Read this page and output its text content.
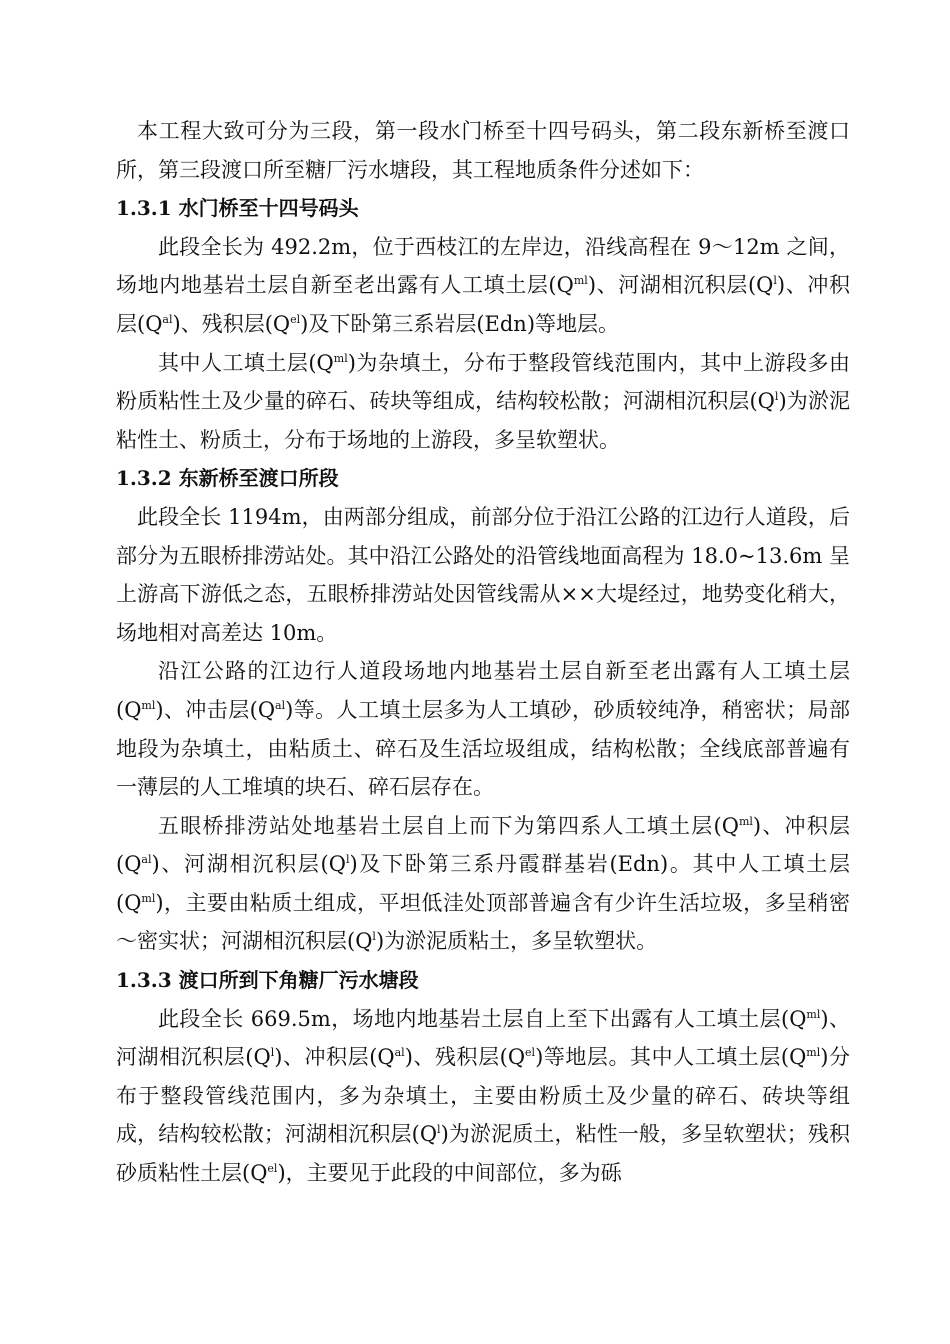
本工程大致可分为三段，第一段水门桥至十四号码头，第二段东新桥至渡口所，第三段渡口所至糖厂污水塘段，其工程地质条件分述如下：

1.3.1 水门桥至十四号码头

此段全长为 492.2m，位于西枝江的左岸边，沿线高程在 9～12m 之间，场地内地基岩土层自新至老出露有人工填土层$(Q^{ml})$、河湖相沉积层$(Q^l)$、冲积层$(Q^{al})$、残积层$(Q^{el})$及下卧第三系岩层(Edn)等地层。

其中人工填土层$(Q^{ml})$为杂填土，分布于整段管线范围内，其中上游段多由粉质粘性土及少量的碎石、砖块等组成，结构较松散；河湖相沉积层$(Q^l)$为淤泥粘性土、粉质土，分布于场地的上游段，多呈软塑状。

1.3.2 东新桥至渡口所段

此段全长 1194m，由两部分组成，前部分位于沿江公路的江边行人道段，后部分为五眼桥排涝站处。其中沿江公路处的沿管线地面高程为 18.0~13.6m 呈上游高下游低之态，五眼桥排涝站处因管线需从××大堤经过，地势变化稍大，场地相对高差达 10m。

沿江公路的江边行人道段场地内地基岩土层自新至老出露有人工填土层$(Q^{ml})$、冲击层$(Q^{al})$等。人工填土层多为人工填砂，砂质较纯净，稍密状；局部地段为杂填土，由粘质土、碎石及生活垃圾组成，结构松散；全线底部普遍有一薄层的人工堆填的块石、碎石层存在。

五眼桥排涝站处地基岩土层自上而下为第四系人工填土层$(Q^{ml})$、冲积层$(Q^{al})$、河湖相沉积层$(Q^l)$及下卧第三系丹霞群基岩(Edn)。其中人工填土层$(Q^{ml})$，主要由粘质土组成，平坦低洼处顶部普遍含有少许生活垃圾，多呈稍密～密实状；河湖相沉积层$(Q^l)$为淤泥质粘土，多呈软塑状。

1.3.3 渡口所到下角糖厂污水塘段

此段全长 669.5m，场地内地基岩土层自上至下出露有人工填土层$(Q^{ml})$、河湖相沉积层$(Q^l)$、冲积层$(Q^{al})$、残积层$(Q^{el})$等地层。其中人工填土层$(Q^{ml})$分布于整段管线范围内，多为杂填土，主要由粉质土及少量的碎石、砖块等组成，结构较松散；河湖相沉积层$(Q^l)$为淤泥质土，粘性一般，多呈软塑状；残积砂质粘性土层$(Q^{el})$，主要见于此段的中间部位，多为砾
